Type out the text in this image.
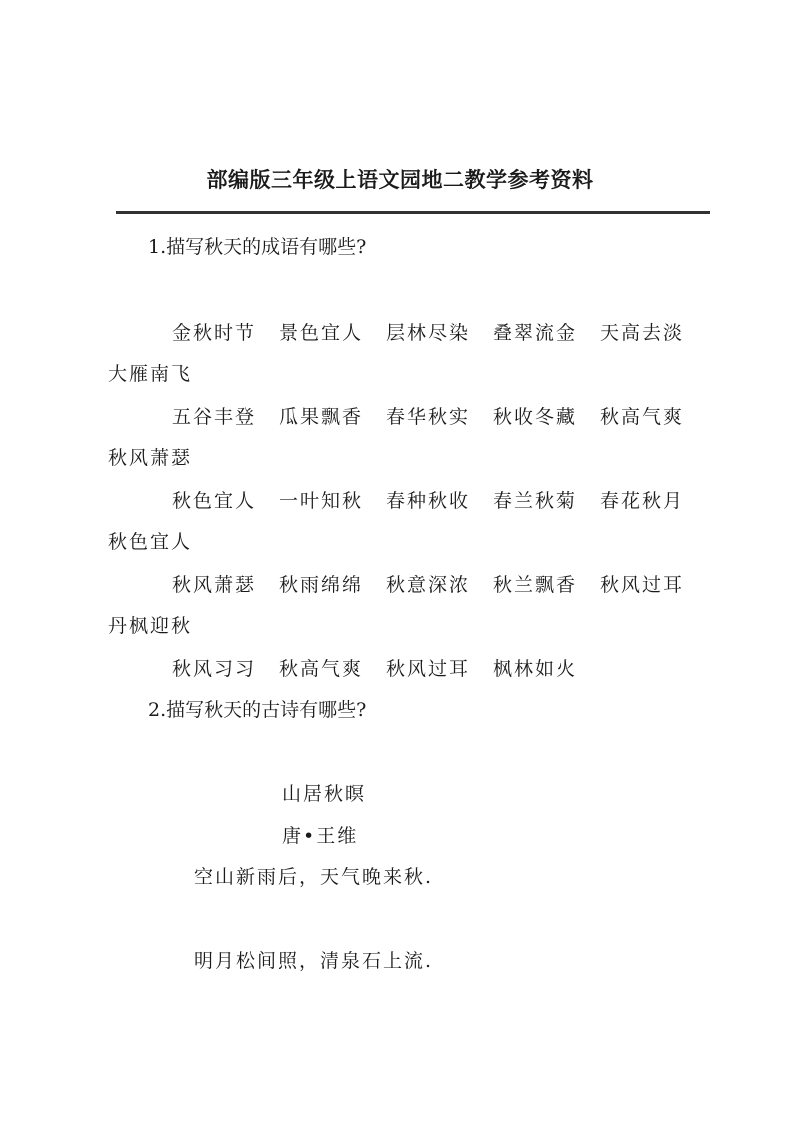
部编版三年级上语文园地二教学参考资料

1.描写秋天的成语有哪些?

金秋时节	景色宜人	层林尽染	叠翠流金	天高去淡
大雁南飞
五谷丰登	瓜果飘香	春华秋实	秋收冬藏	秋高气爽
秋风萧瑟
秋色宜人	一叶知秋	春种秋收	春兰秋菊	春花秋月
秋色宜人
秋风萧瑟	秋雨绵绵	秋意深浓	秋兰飘香	秋风过耳
丹枫迎秋
秋风习习	秋高气爽	秋风过耳	枫林如火

2.描写秋天的古诗有哪些?

山居秋暝

唐•王维

空山新雨后，天气晚来秋.

明月松间照，清泉石上流.
